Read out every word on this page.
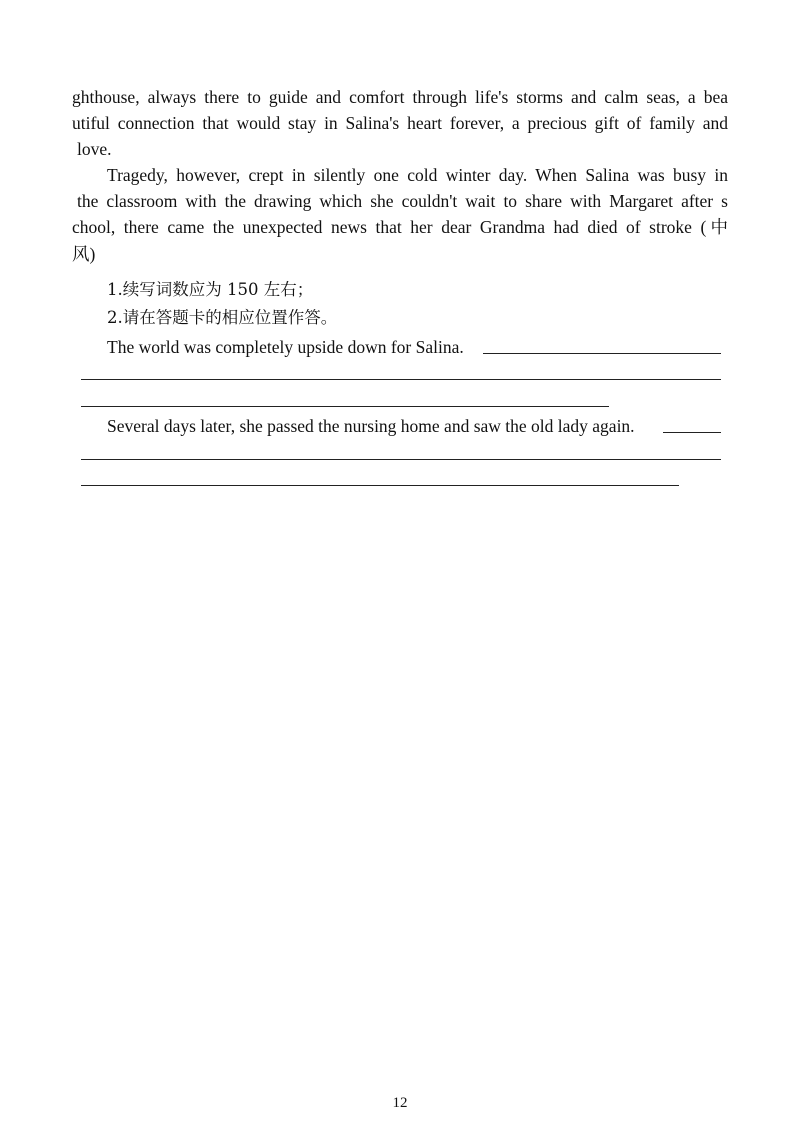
ghthouse, always there to guide and comfort through life's storms and calm seas, a bea
utiful connection that would stay in Salina's heart forever, a precious gift of family and
love.
Tragedy, however, crept in silently one cold winter day. When Salina was busy in
the classroom with the drawing which she couldn't wait to share with Margaret after s
chool, there came the unexpected news that her dear Grandma had died of stroke (中
风)
1.续写词数应为 150 左右；
2.请在答题卡的相应位置作答。
The world was completely upside down for Salina.
Several days later, she passed the nursing home and saw the old lady again.
12
